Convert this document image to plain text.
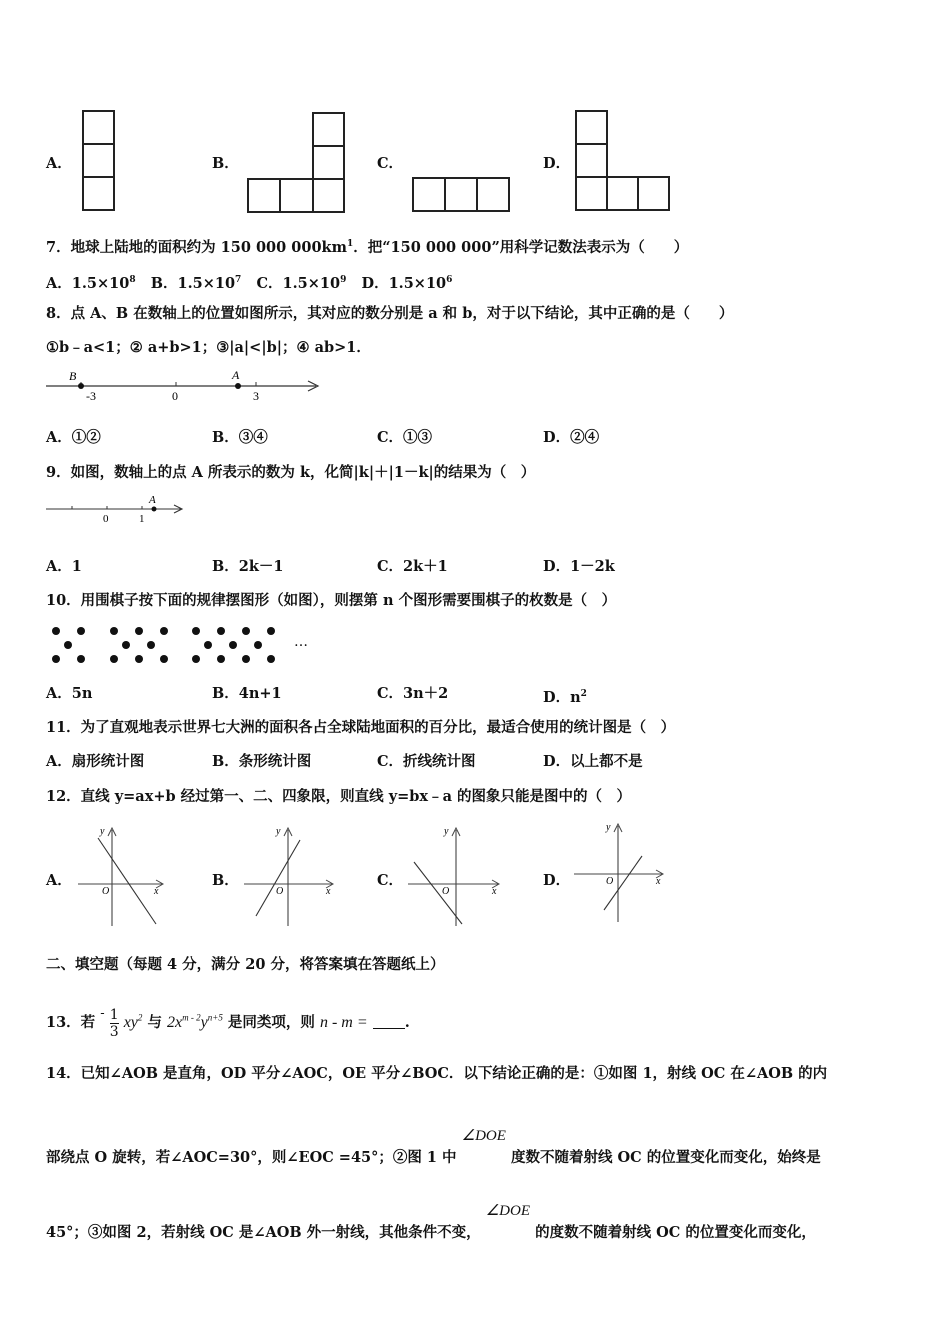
A．	B．	C．	D．
7．地球上陆地的面积约为 150 000 $000km^1$．把“150 000 000”用科学记数法表示为（　　）
A．$1.5\times 10^8$ B．$1.5\times 10^7$ C．$1.5\times 10^9$ D．$1.5\times 10^6$
8．点 A、B 在数轴上的位置如图所示，其对应的数分别是 a 和 b，对于以下结论，其中正确的是（　　）
①b﹣a<1；② a+b>1；③|a|<|b|；④ ab>1．
B	A
-3	0	3
A．①②	B．③④	C．①③	D．②④
9．如图，数轴上的点 A 所表示的数为 k，化简|k|＋|1－k|的结果为（　）
A
0	1
A．1	B．2k－1	C．2k＋1	D．1－2k
10．用围棋子按下面的规律摆图形（如图），则摆第 n 个图形需要围棋子的枚数是（　）
…
A．5n	B．4n+1	C．3n＋2	D．$n^2$
11．为了直观地表示世界七大洲的面积各占全球陆地面积的百分比，最适合使用的统计图是（　）
A．扇形统计图	B．条形统计图	C．折线统计图	D．以上都不是
12．直线 y=ax+b 经过第一、二、四象限，则直线 y=bx﹣a 的图象只能是图中的（　）
A．
y
x
O
B．
y
x
O
C．
y
x
O
D．
y
x
O
二、填空题（每题 4 分，满分 20 分，将答案填在答题纸上）
13．若 - $\frac{1}{3} xy^2$ 与 $2x^{m - 2}y^{n+5}$ 是同类项，则 n - m =	.
14．已知∠AOB 是直角，OD 平分∠AOC，OE 平分∠BOC．以下结论正确的是：①如图 1，射线 OC 在∠AOB 的内
部绕点 O 旋转，若∠AOC=30°，则∠EOC =45°；②图 1 中 ∠DOE 度数不随着射线 OC 的位置变化而变化，始终是
45°；③如图 2，若射线 OC 是∠AOB 外一射线，其他条件不变， ∠DOE 的度数不随着射线 OC 的位置变化而变化，
